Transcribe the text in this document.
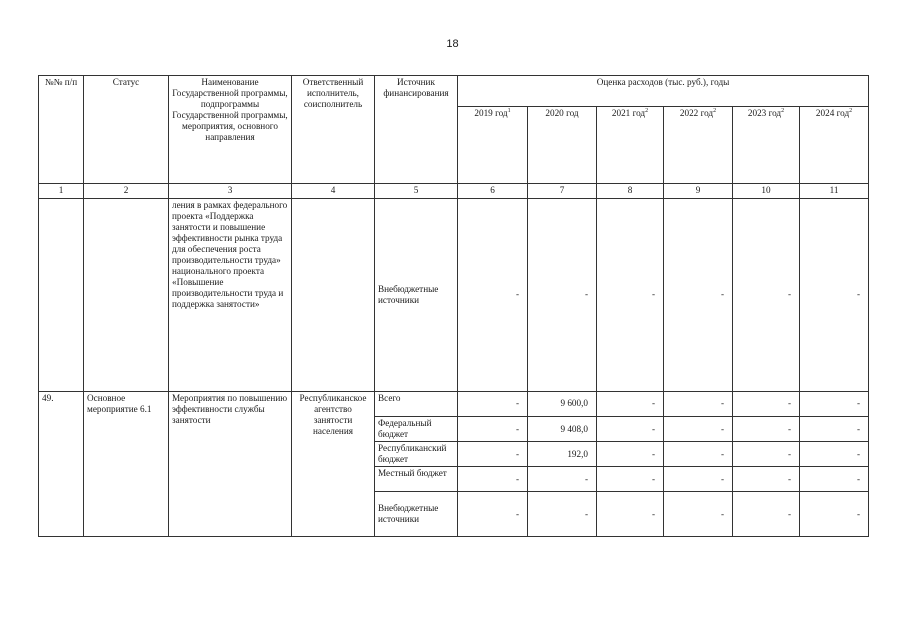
18
№№ п/п	Статус	Наименование Государственной программы, подпрограммы Государственной программы, мероприятия, основного направления	Ответственный исполнитель, соисполнитель	Источник финансирования	Оценка расходов (тыс. руб.), годы					
					2019 год$^1$	2020 год	2021 год$^2$	2022 год$^2$	2023 год$^2$	2024 год$^2$
1	2	3	4	5	6	7	8	9	10	11
		ления в рамках федерального проекта «Поддержка занятости и повышение эффективности рынка труда для обеспечения роста производительности труда» национального проекта «Повышение производительности труда и поддержка занятости»		Внебюджетные источники	-	-	-	-	-	-
49.	Основное мероприятие 6.1	Мероприятия по повышению эффективности службы занятости	Республиканское агентство занятости населения	Всего	-	9 600,0	-	-	-	-
				Федеральный бюджет	-	9 408,0	-	-	-	-
				Республиканский бюджет	-	192,0	-	-	-	-
				Местный бюджет	-	-	-	-	-	-
				Внебюджетные источники	-	-	-	-	-	-
